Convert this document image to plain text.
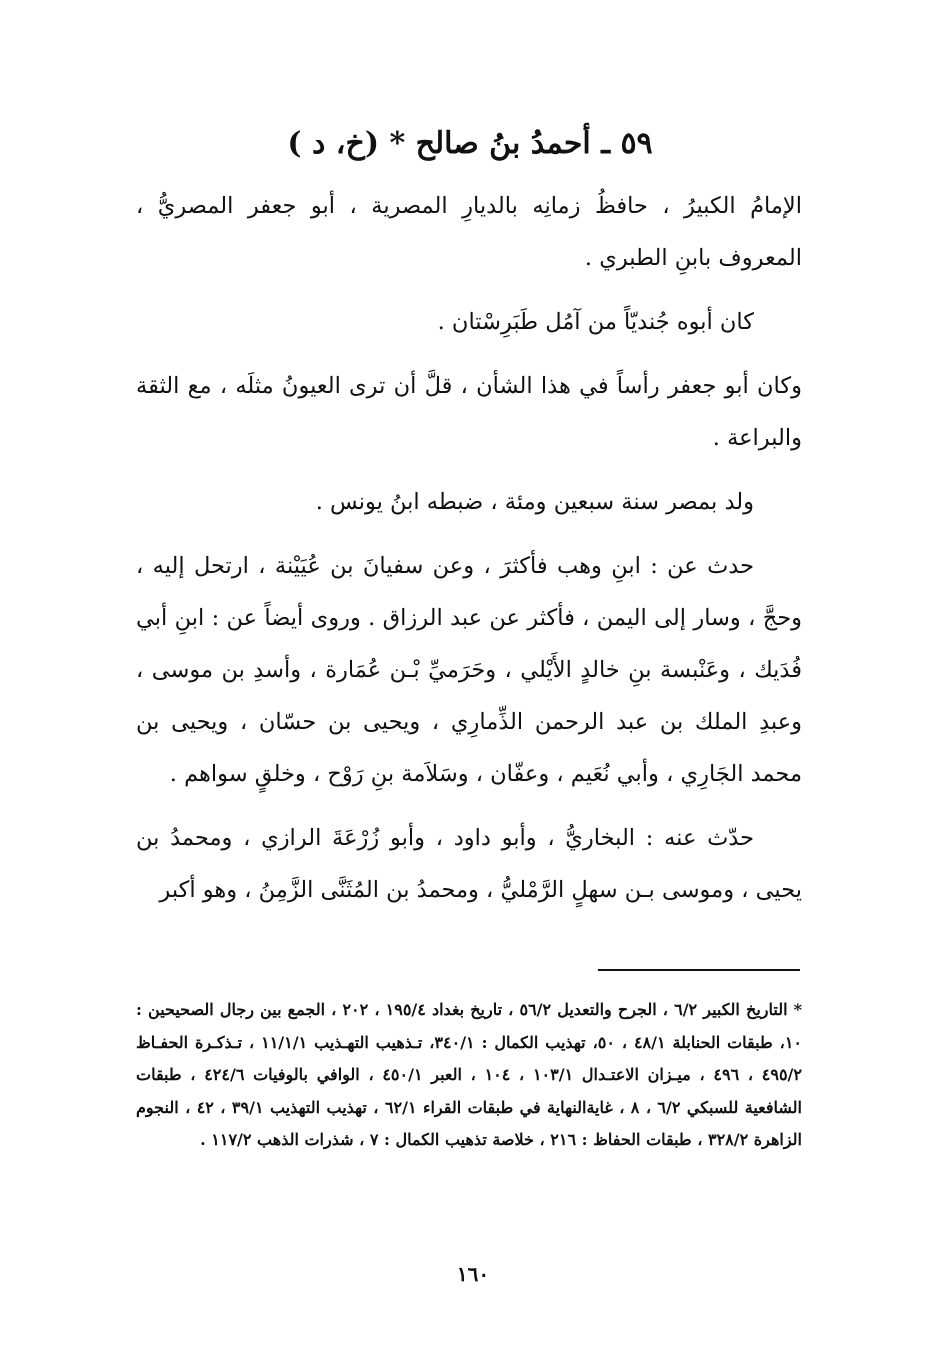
٥٩ ـ أحمدُ بنُ صالح * (خ، د )

الإمامُ الكبيرُ ، حافظُ زمانِه بالديارِ المصرية ، أبو جعفر المصريُّ ، المعروف بابنِ الطبري .

كان أبوه جُنديّاً من آمُل طَبَرِسْتان .

وكان أبو جعفر رأساً في هذا الشأن ، قلَّ أن ترى العيونُ مثلَه ، مع الثقة والبراعة .

ولد بمصر سنة سبعين ومئة ، ضبطه ابنُ يونس .

حدث عن : ابنِ وهب فأكثرَ ، وعن سفيانَ بن عُيَيْنة ، ارتحل إليه ، وحجَّ ، وسار إلى اليمن ، فأكثر عن عبد الرزاق . وروى أيضاً عن : ابنِ أبي فُدَيك ، وعَنْبسة بنِ خالدٍ الأَيْلي ، وحَرَميِّ بْـن عُمَارة ، وأسدِ بن موسى ، وعبدِ الملك بن عبد الرحمن الذِّمارِي ، ويحيى بن حسّان ، ويحيى بن محمد الجَارِي ، وأبي نُعَيم ، وعفّان ، وسَلاَمة بنِ رَوْح ، وخلقٍ سواهم .

حدّث عنه : البخاريُّ ، وأبو داود ، وأبو زُرْعَةَ الرازي ، ومحمدُ بن يحيى ، وموسى بـن سهلٍ الرَّمْليُّ ، ومحمدُ بن المُثَنَّى الزَّمِنُ ، وهو أكبر

* التاريخ الكبير ٦/٢ ، الجرح والتعديل ٥٦/٢ ، تاريخ بغداد ١٩٥/٤ ، ٢٠٢ ، الجمع بين رجال الصحيحين : ١٠، طبقات الحنابلة ٤٨/١ ، ٥٠، تهذيب الكمال : ٣٤٠/١، تـذهيب التهـذيب ١١/١/١ ، تـذكـرة الحفـاظ ٤٩٥/٢ ، ٤٩٦ ، ميـزان الاعتـدال ١٠٣/١ ، ١٠٤ ، العبر ٤٥٠/١ ، الوافي بالوفيات ٤٢٤/٦ ، طبقات الشافعية للسبكي ٦/٢ ، ٨ ، غايةالنهاية في طبقات القراء ٦٢/١ ، تهذيب التهذيب ٣٩/١ ، ٤٢ ، النجوم الزاهرة ٣٢٨/٢ ، طبقات الحفاظ : ٢١٦ ، خلاصة تذهيب الكمال : ٧ ، شذرات الذهب ١١٧/٢ .
١٦٠
